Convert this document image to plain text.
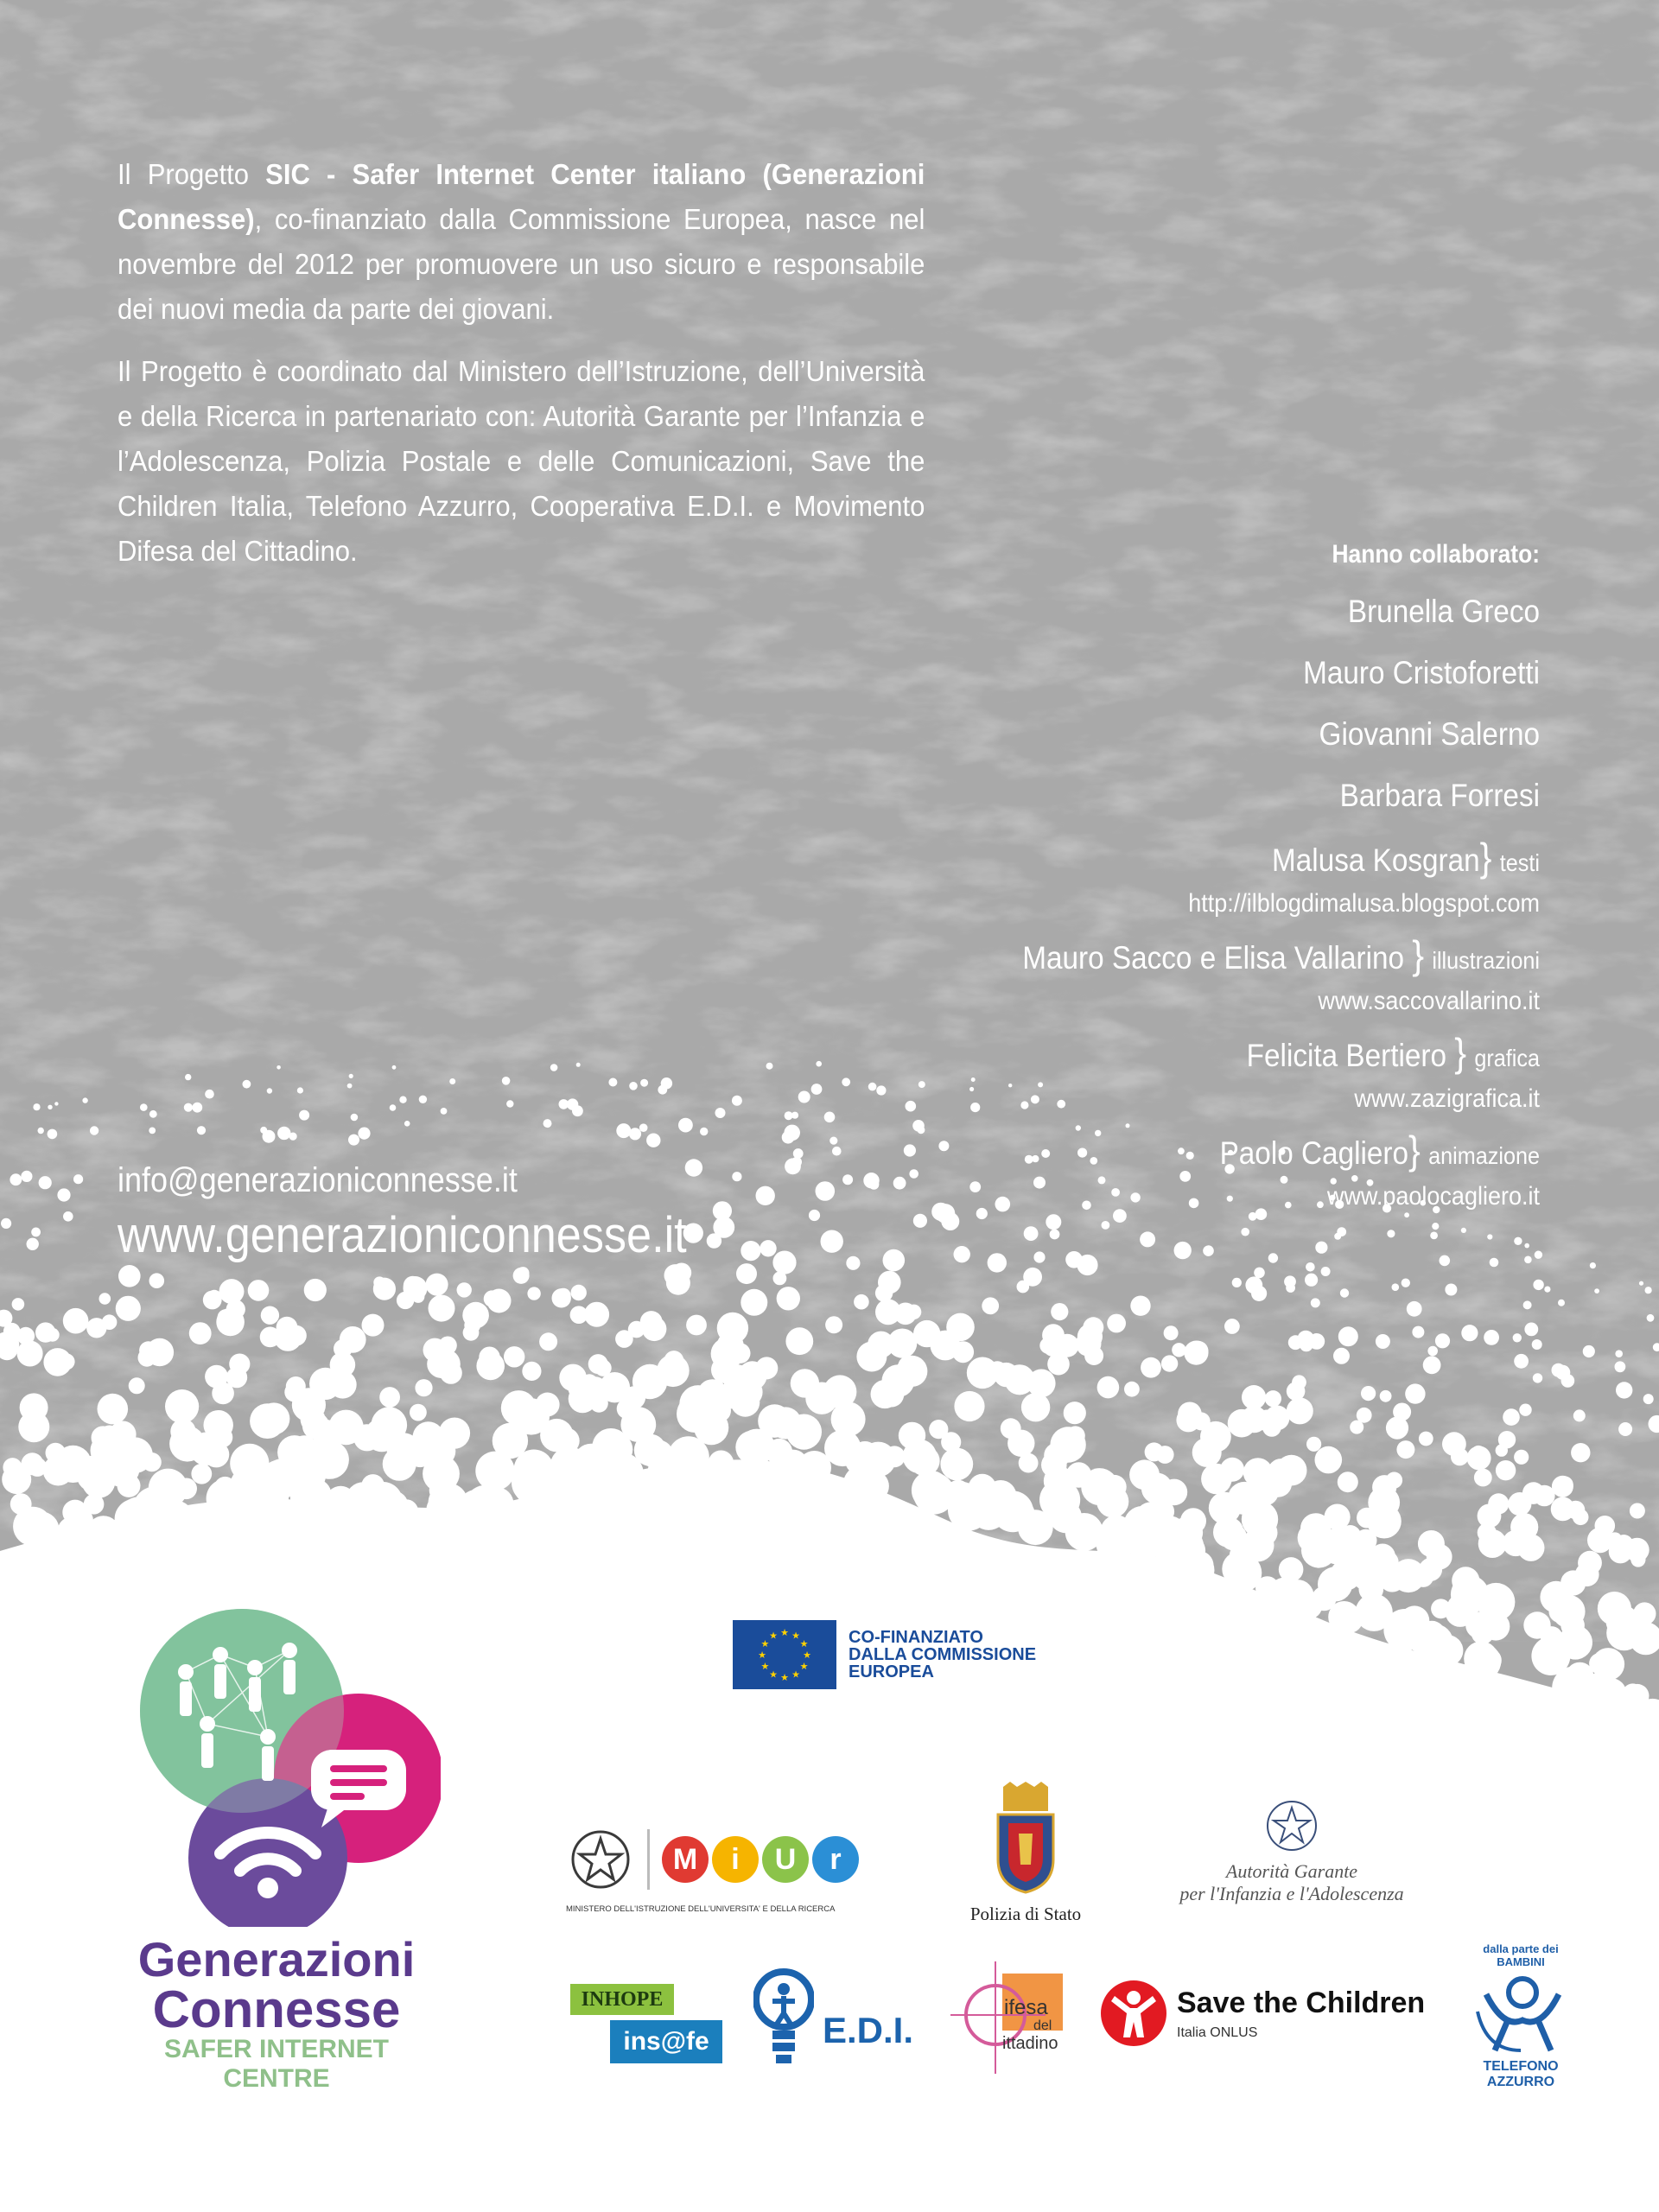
Il Progetto SIC - Safer Internet Center italiano (Generazioni Connesse), co-finanziato dalla Commissione Europea, nasce nel novembre del 2012 per promuovere un uso sicuro e responsabile dei nuovi media da parte dei giovani.

Il Progetto è coordinato dal Ministero dell’Istruzione, dell’Università e della Ricerca in partenariato con: Autorità Garante per l’Infanzia e l’Adolescenza, Polizia Postale e delle Comunicazioni, Save the Children Italia, Telefono Azzurro, Cooperativa E.D.I. e Movimento Difesa del Cittadino.

info@generazioniconnesse.it
www.generazioniconnesse.it
Hanno collaborato:
Brunella Greco
Mauro Cristoforetti
Giovanni Salerno
Barbara Forresi
Malusa Kosgran} testi
http://ilblogdimalusa.blogspot.com
Mauro Sacco e Elisa Vallarino } illustrazioni
www.saccovallarino.it
Felicita Bertiero } grafica
www.zazigrafica.it
Paolo Cagliero} animazione
www.paolocagliero.it
Generazioni
Connesse
SAFER INTERNET CENTRE
★
★
★
★
★
★
★
★
★ ★ ★
★ CO-FINANZIATO
DALLA COMMISSIONE
EUROPEA
M	i	U	r
MINISTERO DELL'ISTRUZIONE DELL'UNIVERSITA' E DELLA RICERCA	Polizia di Stato
Autorità Garante
per l'Infanzia e l'Adolescenza
INHOPE
ins@fe	E.D.I.
ifesa
del
ittadino
Save the Children
Italia ONLUS
dalla parte dei
BAMBINI
TELEFONO
AZZURRO
